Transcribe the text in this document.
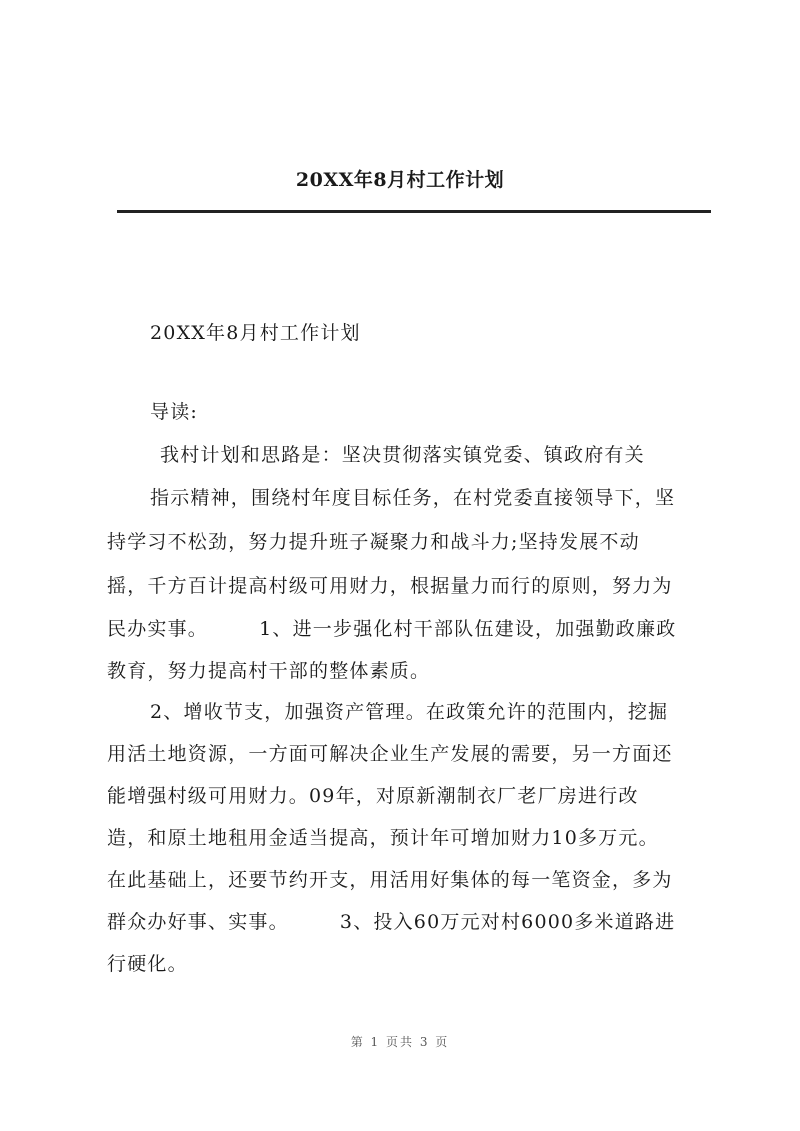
20XX年8月村工作计划
20XX年8月村工作计划
导读:
我村计划和思路是：坚决贯彻落实镇党委、镇政府有关
指示精神，围绕村年度目标任务，在村党委直接领导下，坚
持学习不松劲，努力提升班子凝聚力和战斗力;坚持发展不动
摇，千方百计提高村级可用财力，根据量力而行的原则，努力为
民办实事。　　　1、进一步强化村干部队伍建设，加强勤政廉政
教育，努力提高村干部的整体素质。
2、增收节支，加强资产管理。在政策允许的范围内，挖掘
用活土地资源，一方面可解决企业生产发展的需要，另一方面还
能增强村级可用财力。09年，对原新潮制衣厂老厂房进行改
造，和原土地租用金适当提高，预计年可增加财力10多万元。
在此基础上，还要节约开支，用活用好集体的每一笔资金，多为
群众办好事、实事。　　　3、投入60万元对村6000多米道路进
行硬化。
第 1 页共 3 页
